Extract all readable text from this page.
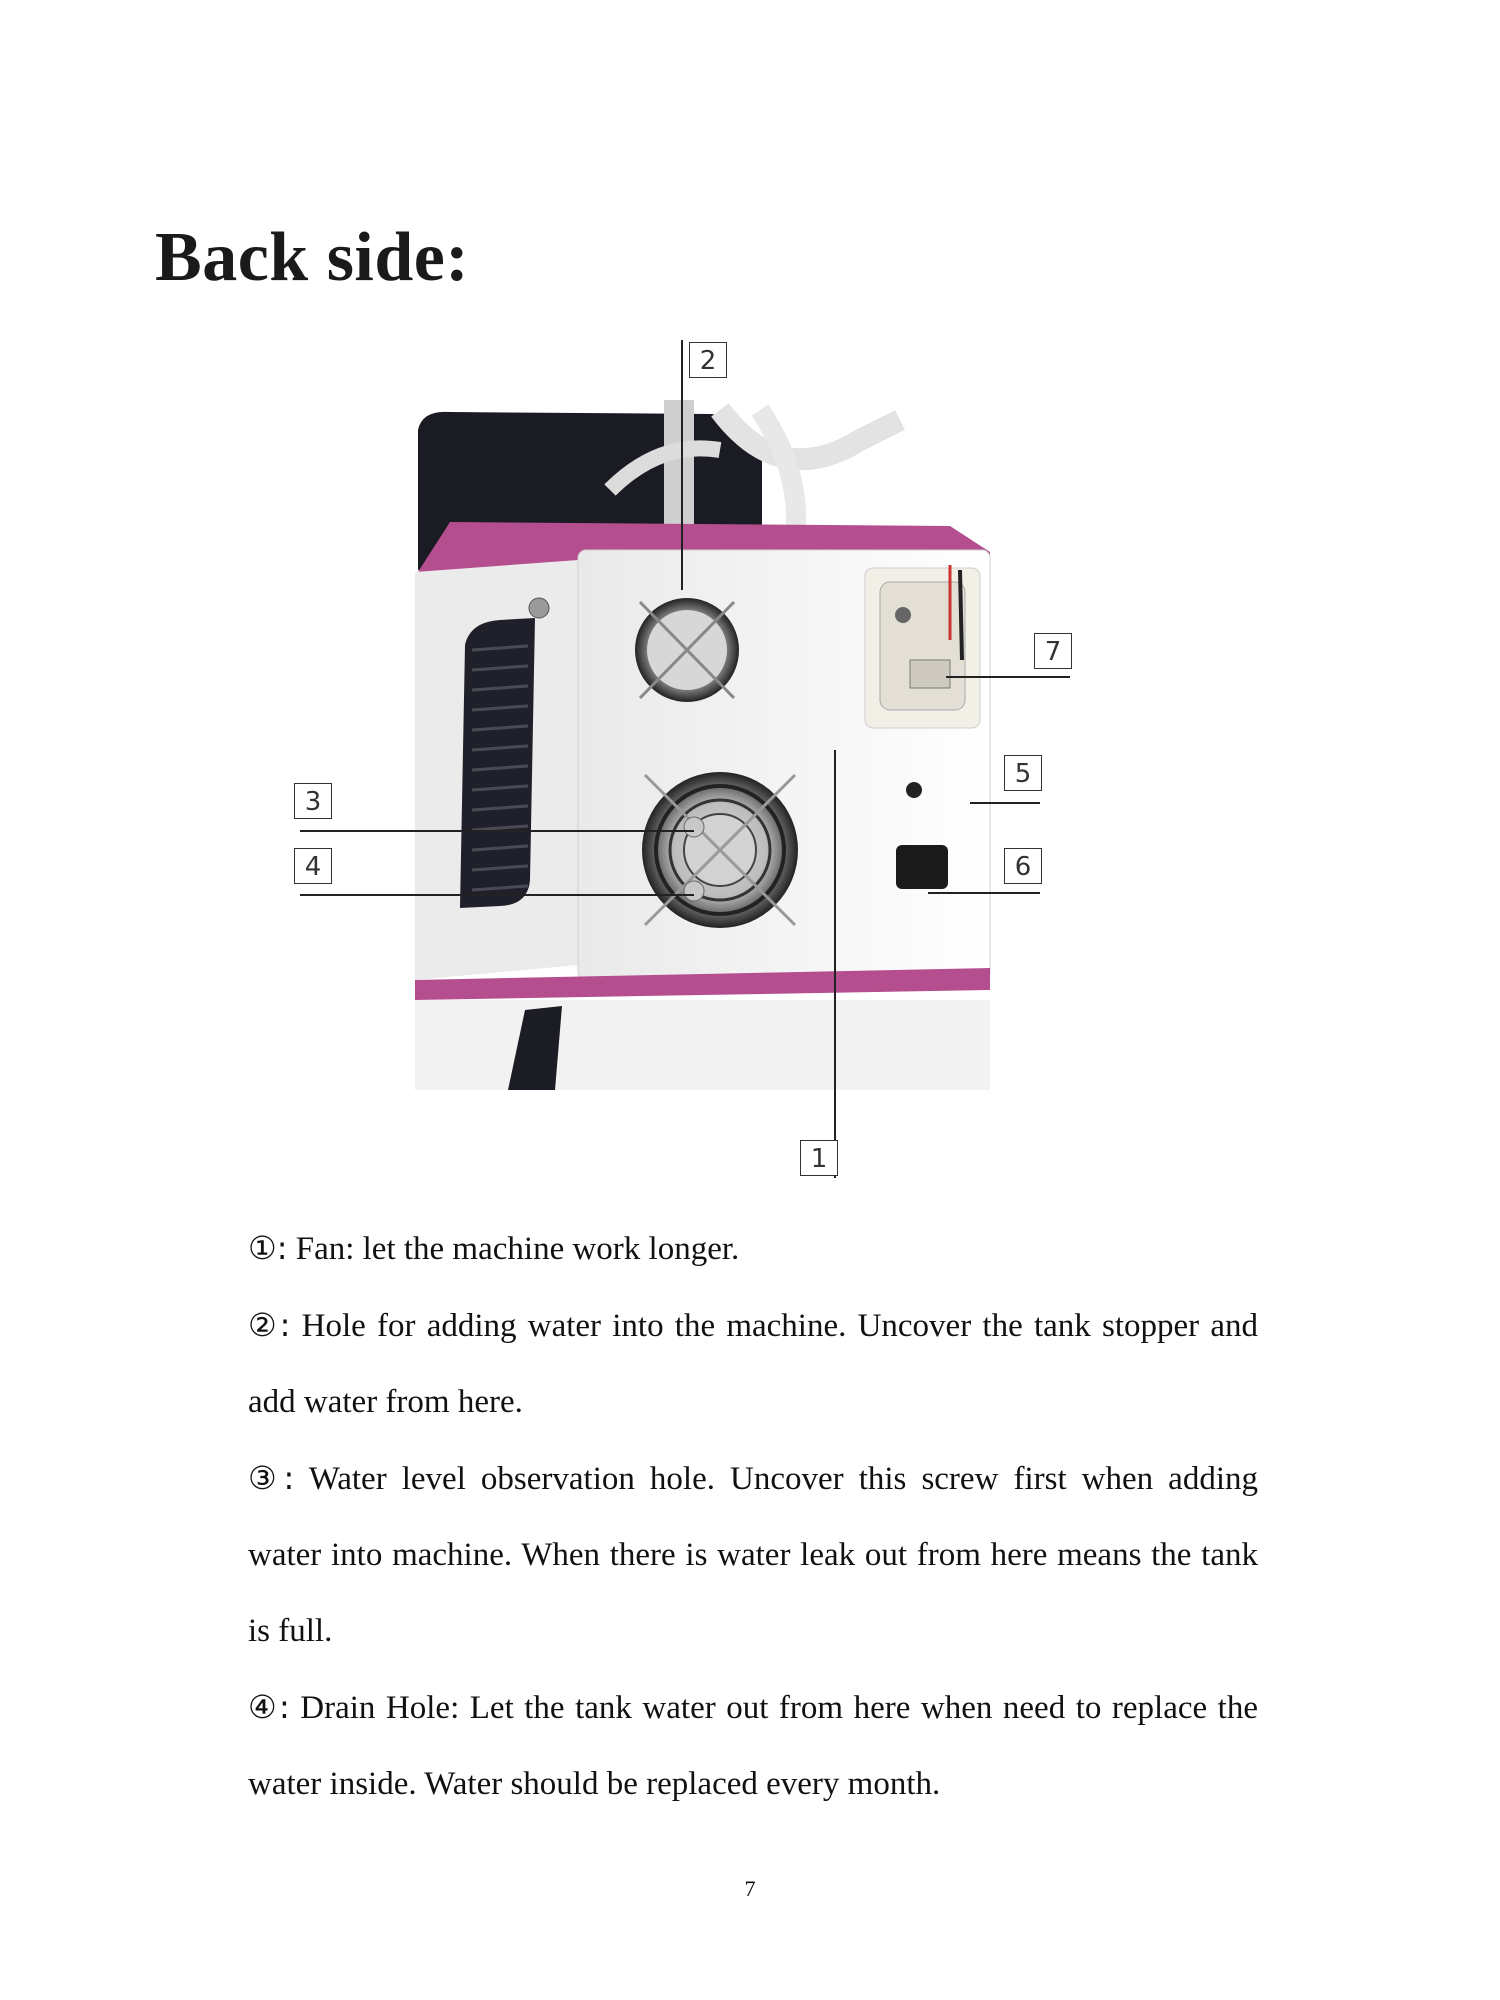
Back side:
2
7
5
3
4	6
1

①: Fan: let the machine work longer.

②: Hole for adding water into the machine. Uncover the tank stopper and add water from here.

③: Water level observation hole. Uncover this screw first when adding water into machine. When there is water leak out from here means the tank is full.

④: Drain Hole: Let the tank water out from here when need to replace the water inside. Water should be replaced every month.

7
